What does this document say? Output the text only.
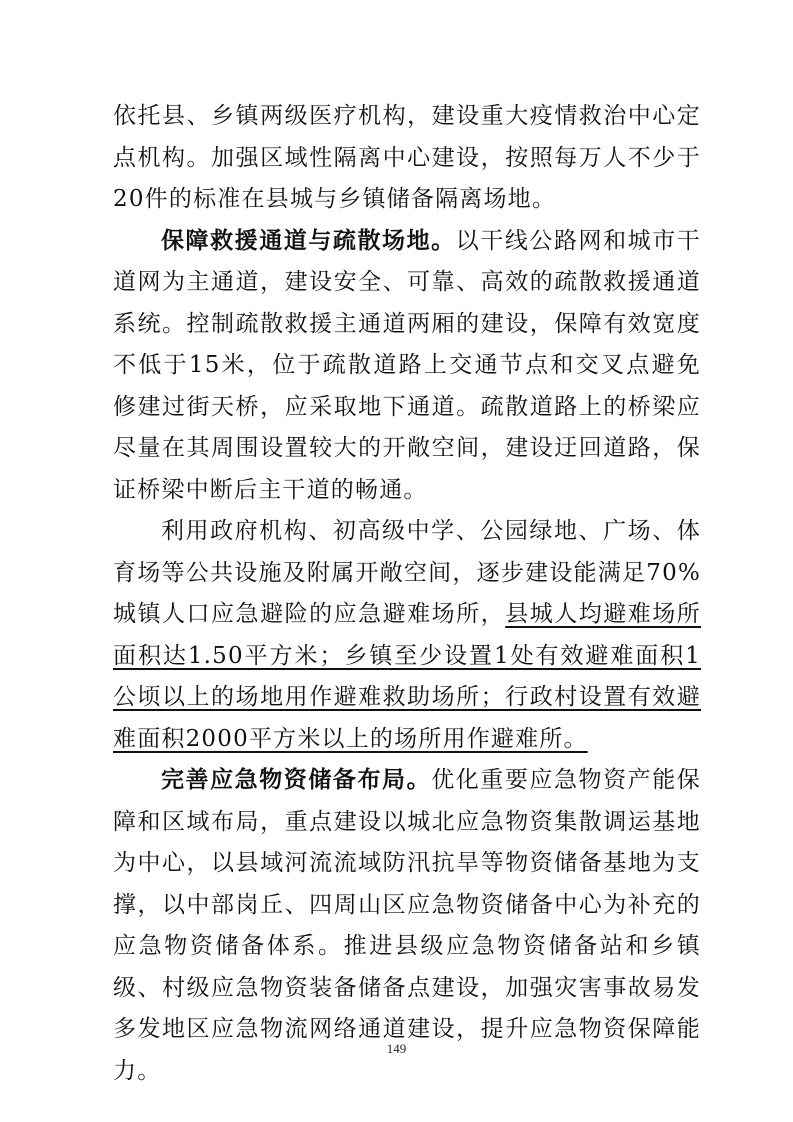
依托县、乡镇两级医疗机构，建设重大疫情救治中心定点机构。加强区域性隔离中心建设，按照每万人不少于20件的标准在县城与乡镇储备隔离场地。

保障救援通道与疏散场地。以干线公路网和城市干道网为主通道，建设安全、可靠、高效的疏散救援通道系统。控制疏散救援主通道两厢的建设，保障有效宽度不低于15米，位于疏散道路上交通节点和交叉点避免修建过街天桥，应采取地下通道。疏散道路上的桥梁应尽量在其周围设置较大的开敞空间，建设迂回道路，保证桥梁中断后主干道的畅通。

利用政府机构、初高级中学、公园绿地、广场、体育场等公共设施及附属开敞空间，逐步建设能满足70%城镇人口应急避险的应急避难场所，县城人均避难场所面积达1.50平方米；乡镇至少设置1处有效避难面积1公顷以上的场地用作避难救助场所；行政村设置有效避难面积2000平方米以上的场所用作避难所。

完善应急物资储备布局。优化重要应急物资产能保障和区域布局，重点建设以城北应急物资集散调运基地为中心，以县域河流流域防汛抗旱等物资储备基地为支撑，以中部岗丘、四周山区应急物资储备中心为补充的应急物资储备体系。推进县级应急物资储备站和乡镇级、村级应急物资装备储备点建设，加强灾害事故易发多发地区应急物流网络通道建设，提升应急物资保障能力。

149
